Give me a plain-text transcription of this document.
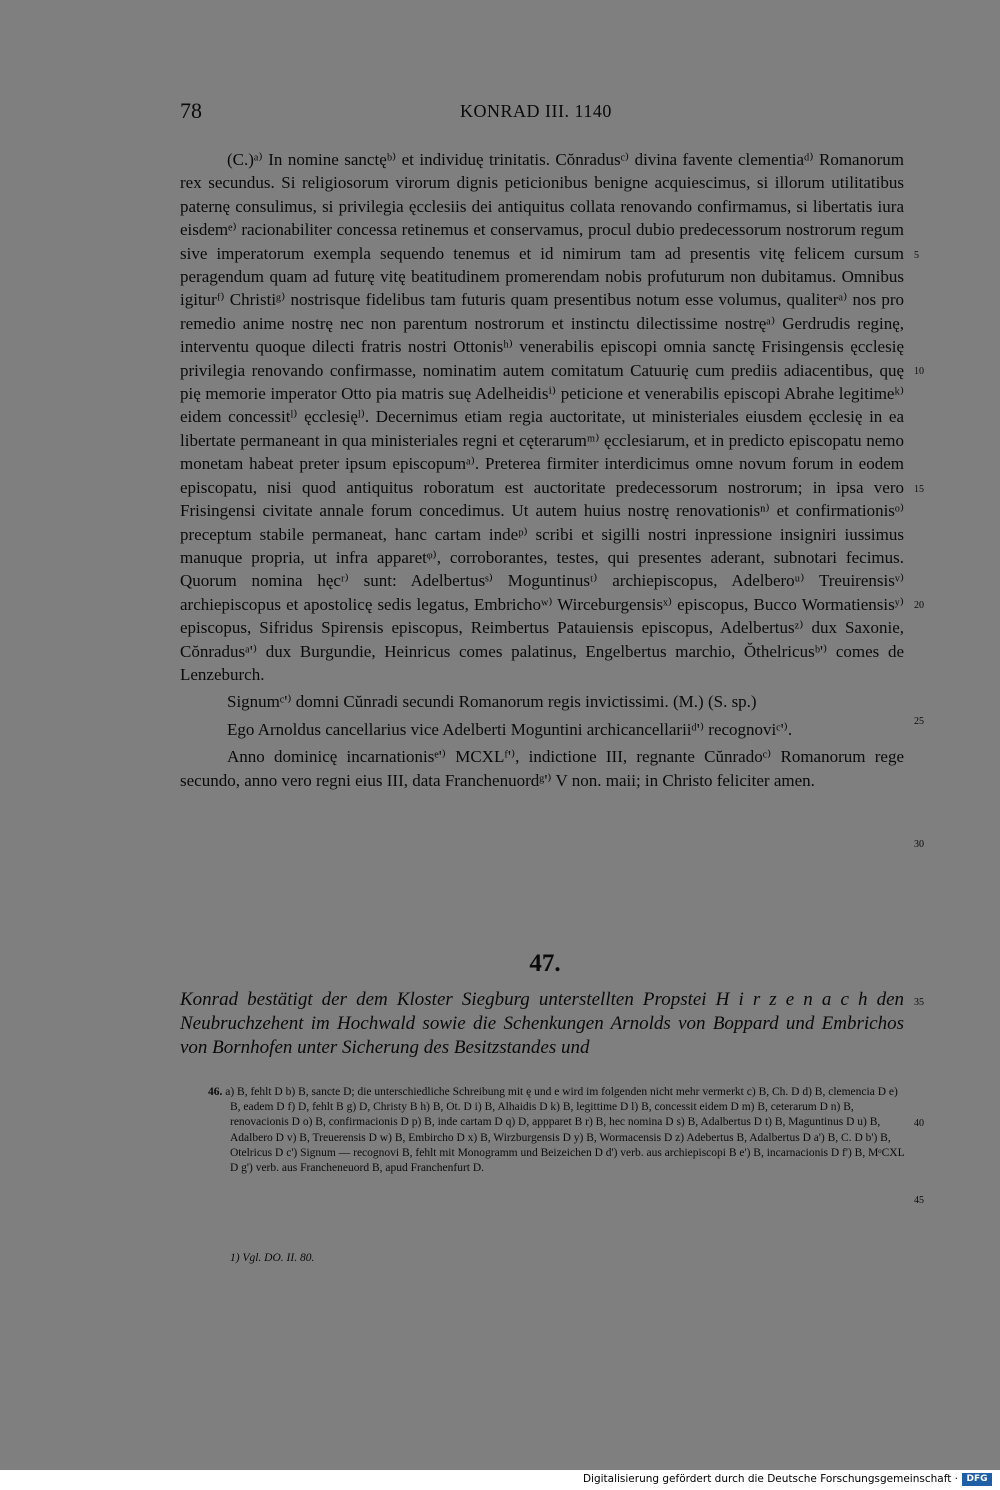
78	KONRAD III. 1140

(C.)ᵃ⁾ In nomine sanctęᵇ⁾ et individuę trinitatis. Cŏnradusᶜ⁾ divina favente clementiaᵈ⁾ Romanorum rex secundus. Si religiosorum virorum dignis peticionibus benigne acquiescimus, si illorum utilitatibus paternę consulimus, si privilegia ęcclesiis dei antiquitus collata renovando confirmamus, si libertatis iura eisdemᵉ⁾ racionabiliter concessa retinemus et conservamus, procul dubio predecessorum nostrorum regum sive imperatorum exempla sequendo tenemus et id nimirum tam ad presentis vitę felicem cursum peragendum quam ad futurę vitę beatitudinem promerendam nobis profuturum non dubitamus. Omnibus igiturᶠ⁾ Christiᵍ⁾ nostrisque fidelibus tam futuris quam presentibus notum esse volumus, qualiterᵃ⁾ nos pro remedio anime nostrę nec non parentum nostrorum et instinctu dilectissime nostręᵃ⁾ Gerdrudis reginę, interventu quoque dilecti fratris nostri Ottonisʰ⁾ venerabilis episcopi omnia sanctę Frisingensis ęcclesię privilegia renovando confirmasse, nominatim autem comitatum Catuurię cum prediis adiacentibus, quę pię memorie imperator Otto pia matris suę Adelheidisⁱ⁾ peticione et venerabilis episcopi Abrahe legitimeᵏ⁾ eidem concessitˡ⁾ ęcclesięˡ⁾. Decernimus etiam regia auctoritate, ut ministeriales eiusdem ęcclesię in ea libertate permaneant in qua ministeriales regni et cęterarumᵐ⁾ ęcclesiarum, et in predicto episcopatu nemo monetam habeat preter ipsum episcopumᵃ⁾. Preterea firmiter interdicimus omne novum forum in eodem episcopatu, nisi quod antiquitus roboratum est auctoritate predecessorum nostrorum; in ipsa vero Frisingensi civitate annale forum concedimus. Ut autem huius nostrę renovationisⁿ⁾ et confirmationisᵒ⁾ preceptum stabile permaneat, hanc cartam indeᵖ⁾ scribi et sigilli nostri inpressione insigniri iussimus manuque propria, ut infra apparetᵠ⁾, corroborantes, testes, qui presentes aderant, subnotari fecimus. Quorum nomina hęcʳ⁾ sunt: Adelbertusˢ⁾ Moguntinusᵗ⁾ archiepiscopus, Adelberoᵘ⁾ Treuirensisᵛ⁾ archiepiscopus et apostolicę sedis legatus, Embrichoʷ⁾ Wirceburgensisˣ⁾ episcopus, Bucco Wormatiensisʸ⁾ episcopus, Sifridus Spirensis episcopus, Reimbertus Patauiensis episcopus, Adelbertusᶻ⁾ dux Saxonie, Cŏnradusᵃ'⁾ dux Burgundie, Heinricus comes palatinus, Engelbertus marchio, Ŏthelricusᵇ'⁾ comes de Lenzeburch.

Signumᶜ'⁾ domni Cŭnradi secundi Romanorum regis invictissimi. (M.) (S. sp.)

Ego Arnoldus cancellarius vice Adelberti Moguntini archicancellariiᵈ'⁾ recognoviᶜ'⁾.

Anno dominicę incarnationisᵉ'⁾ MCXLᶠ'⁾, indictione III, regnante Cŭnradoᶜ⁾ Romanorum rege secundo, anno vero regni eius III, data Franchenuordᵍ'⁾ V non. maii; in Christo feliciter amen.

5
10
15
20
25
30
35
40
45
47.

Konrad bestätigt der dem Kloster Siegburg unterstellten Propstei H i r z e n a c h den Neubruchzehent im Hochwald sowie die Schenkungen Arnolds von Boppard und Embrichos von Bornhofen unter Sicherung des Besitzstandes und

46. a) B, fehlt D b) B, sancte D; die unterschiedliche Schreibung mit ę und e wird im folgenden nicht mehr vermerkt c) B, Ch. D d) B, clemencia D e) B, eadem D f) D, fehlt B g) D, Christy B h) B, Ot. D i) B, Alhaidis D k) B, legittime D l) B, concessit eidem D m) B, ceterarum D n) B, renovacionis D o) B, confirmacionis D p) B, inde cartam D q) D, appparet B r) B, hec nomina D s) B, Adalbertus D t) B, Maguntinus D u) B, Adalbero D v) B, Treuerensis D w) B, Embircho D x) B, Wirzburgensis D y) B, Wormacensis D z) Adebertus B, Adalbertus D a') B, C. D b') B, Otelricus D c') Signum — recognovi B, fehlt mit Monogramm und Beizeichen D d') verb. aus archiepiscopi B e') B, incarnacionis D f') B, MᵒCXL D g') verb. aus Francheneuord B, apud Franchenfurt D.

1) Vgl. DO. II. 80.
Digitalisierung gefördert durch die Deutsche Forschungsgemeinschaft · DFG
